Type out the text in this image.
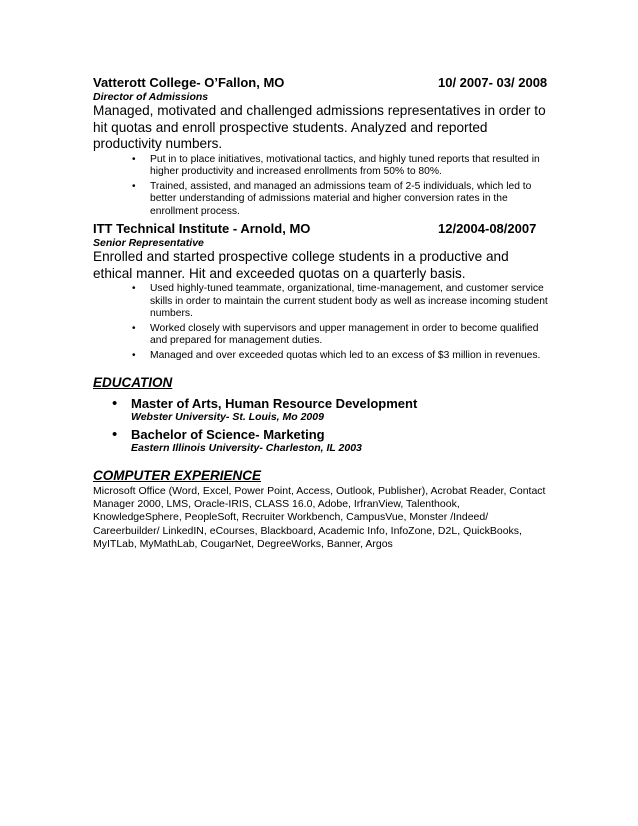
Vatterott College- O’Fallon, MO	10/ 2007- 03/ 2008
Director of Admissions
Managed, motivated and challenged admissions representatives in order to hit quotas and enroll prospective students. Analyzed and reported productivity numbers.
• Put in to place initiatives, motivational tactics, and highly tuned reports that resulted in higher productivity and increased enrollments from 50% to 80%.
• Trained, assisted, and managed an admissions team of 2-5 individuals, which led to better understanding of admissions material and higher conversion rates in the enrollment process.
ITT Technical Institute - Arnold, MO	12/2004-08/2007
Senior Representative
Enrolled and started prospective college students in a productive and ethical manner. Hit and exceeded quotas on a quarterly basis.
• Used highly-tuned teammate, organizational, time-management, and customer service skills in order to maintain the current student body as well as increase incoming student numbers.
• Worked closely with supervisors and upper management in order to become qualified and prepared for management duties.
• Managed and over exceeded quotas which led to an excess of $3 million in revenues.
EDUCATION
• Master of Arts, Human Resource Development
Webster University- St. Louis, Mo 2009
• Bachelor of Science- Marketing
Eastern Illinois University- Charleston, IL 2003
COMPUTER EXPERIENCE
Microsoft Office (Word, Excel, Power Point, Access, Outlook, Publisher), Acrobat Reader, Contact Manager 2000, LMS, Oracle-IRIS, CLASS 16.0, Adobe, IrfranView, Talenthook, KnowledgeSphere, PeopleSoft, Recruiter Workbench, CampusVue, Monster /Indeed/ Careerbuilder/ LinkedIN, eCourses, Blackboard, Academic Info, InfoZone, D2L, QuickBooks, MyITLab, MyMathLab, CougarNet, DegreeWorks, Banner, Argos
